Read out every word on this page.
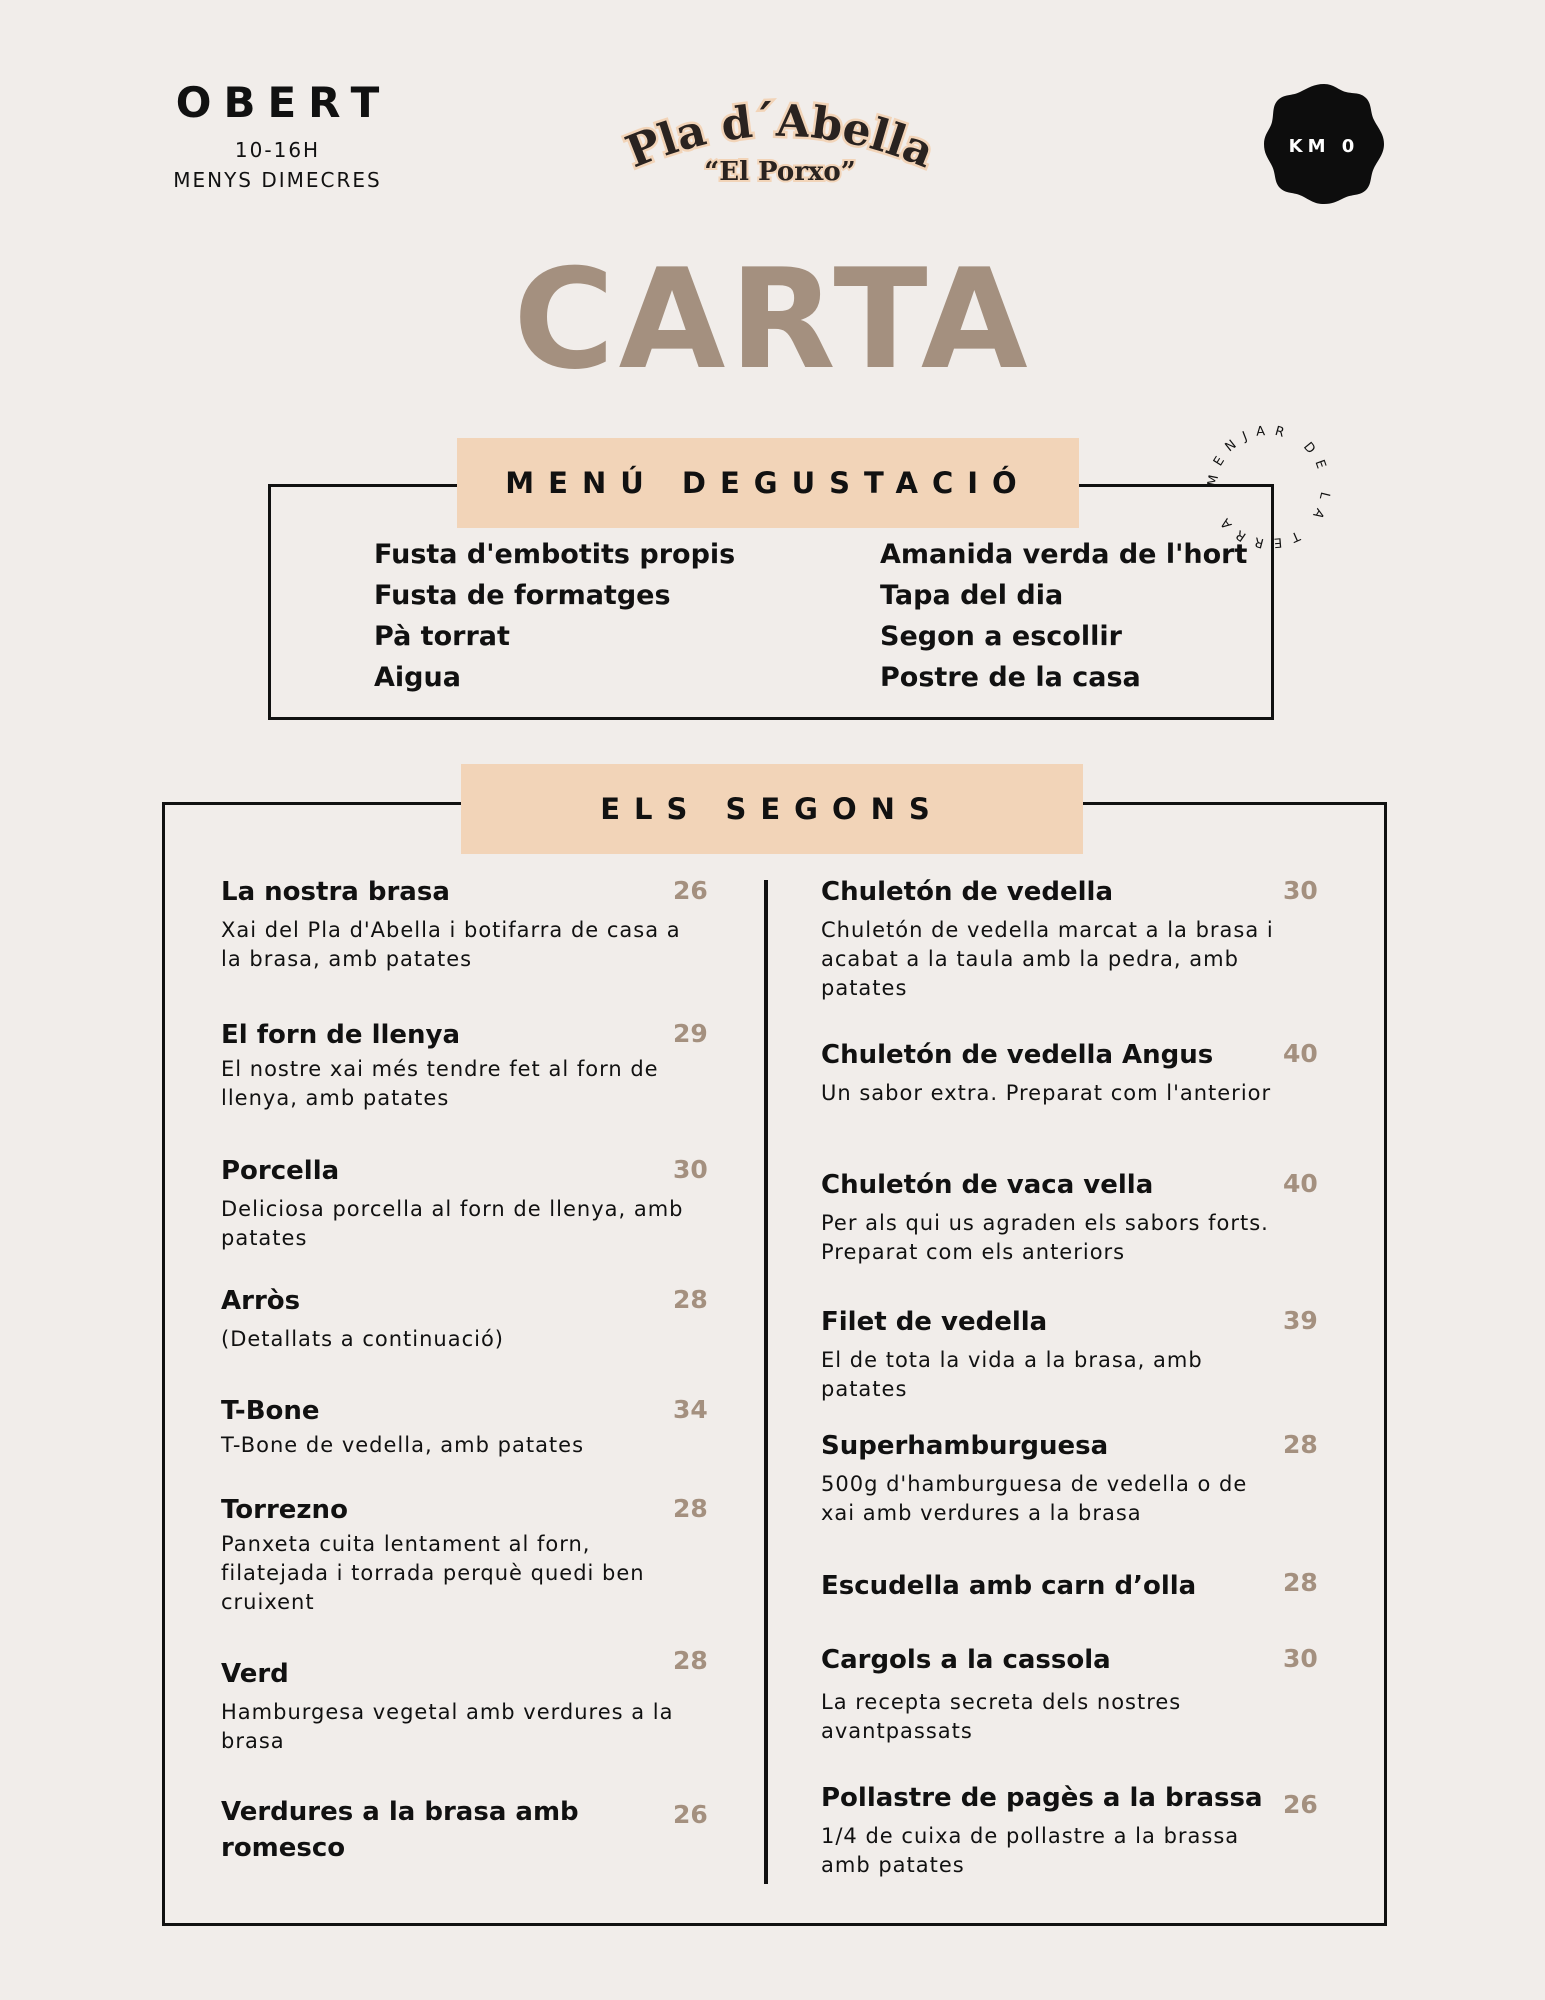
OBERT
10-16H
MENYS DIMECRES
Pla d´Abella
“El Porxo”
KM 0
CARTA
MENÚ DEGUSTACIÓ
Fusta d'embotits propis
Fusta de formatges
Pà torrat
Aigua
Amanida verda de l'hort
Tapa del dia
Segon a escollir
Postre de la casa
MENJAR DE LA TERRA
ELS SEGONS
La nostra brasa
Xai del Pla d'Abella i botifarra de casa a la brasa, amb patates
26
El forn de llenya
El nostre xai més tendre fet al forn de llenya, amb patates
29
Porcella
Deliciosa porcella al forn de llenya, amb patates
30
Arròs
(Detallats a continuació)
28
T-Bone
T-Bone de vedella, amb patates
34
Torrezno
Panxeta cuita lentament al forn, filatejada i torrada perquè quedi ben cruixent
28
Verd
Hamburgesa vegetal amb verdures a la brasa
28
Verdures a la brasa amb romesco
26
Chuletón de vedella
Chuletón de vedella marcat a la brasa i acabat a la taula amb la pedra, amb patates
30
Chuletón de vedella Angus
Un sabor extra. Preparat com l'anterior
40
Chuletón de vaca vella
Per als qui us agraden els sabors forts. Preparat com els anteriors
40
Filet de vedella
El de tota la vida a la brasa, amb patates
39
Superhamburguesa
500g d'hamburguesa de vedella o de xai amb verdures a la brasa
28
Escudella amb carn d’olla	28
Cargols a la cassola
La recepta secreta dels nostres avantpassats
30
Pollastre de pagès a la brassa
1/4 de cuixa de pollastre a la brassa amb patates
26
